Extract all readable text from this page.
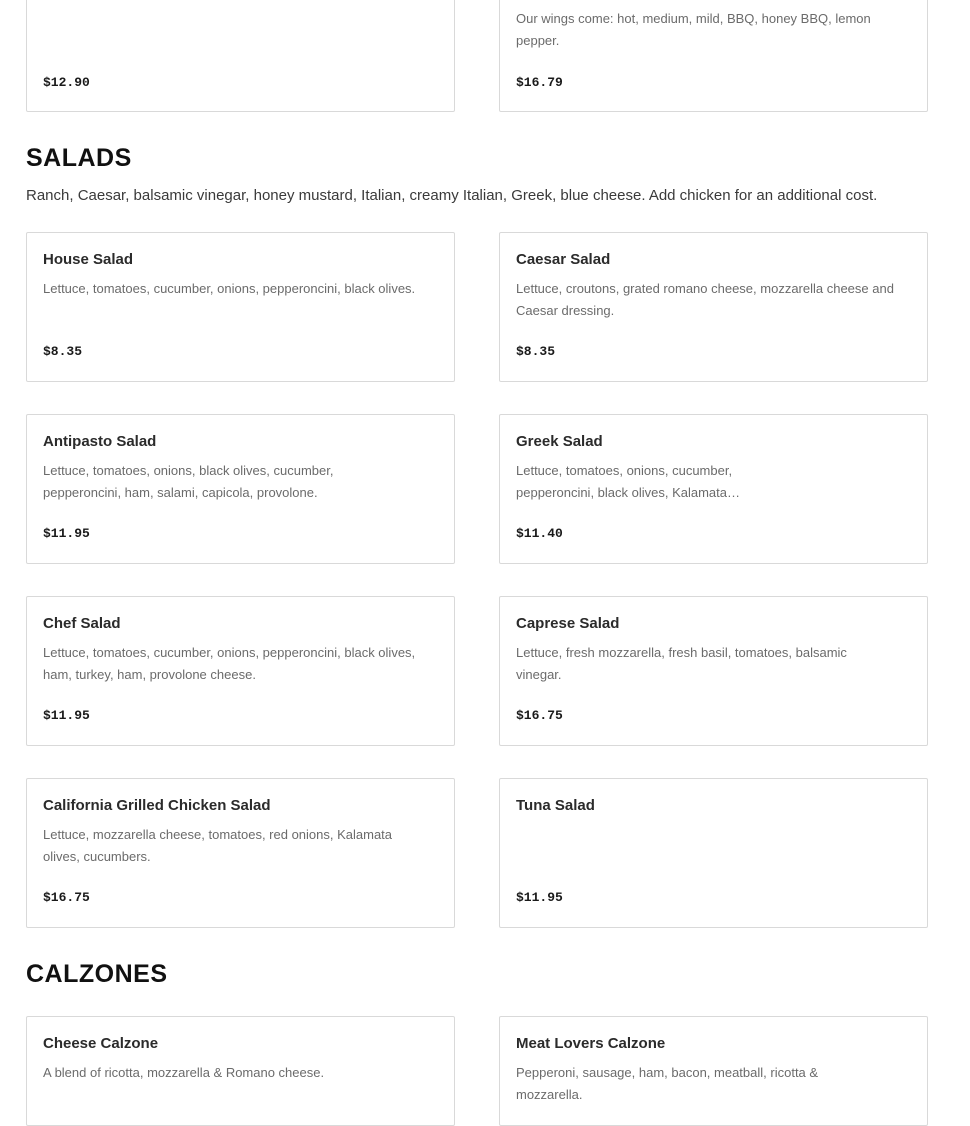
$12.90
Our wings come: hot, medium, mild, BBQ, honey BBQ, lemon pepper.
$16.79
SALADS
Ranch, Caesar, balsamic vinegar, honey mustard, Italian, creamy Italian, Greek, blue cheese. Add chicken for an additional cost.
House Salad
Lettuce, tomatoes, cucumber, onions, pepperoncini, black olives.
$8.35
Caesar Salad
Lettuce, croutons, grated romano cheese, mozzarella cheese and Caesar dressing.
$8.35
Antipasto Salad
Lettuce, tomatoes, onions, black olives, cucumber, pepperoncini, ham, salami, capicola, provolone.
$11.95
Greek Salad
Lettuce, tomatoes, onions, cucumber, pepperoncini, black olives, Kalamata…
$11.40
Chef Salad
Lettuce, tomatoes, cucumber, onions, pepperoncini, black olives, ham, turkey, ham, provolone cheese.
$11.95
Caprese Salad
Lettuce, fresh mozzarella, fresh basil, tomatoes, balsamic vinegar.
$16.75
California Grilled Chicken Salad
Lettuce, mozzarella cheese, tomatoes, red onions, Kalamata olives, cucumbers.
$16.75
Tuna Salad
$11.95
CALZONES
Cheese Calzone
A blend of ricotta, mozzarella & Romano cheese.
Meat Lovers Calzone
Pepperoni, sausage, ham, bacon, meatball, ricotta & mozzarella.
